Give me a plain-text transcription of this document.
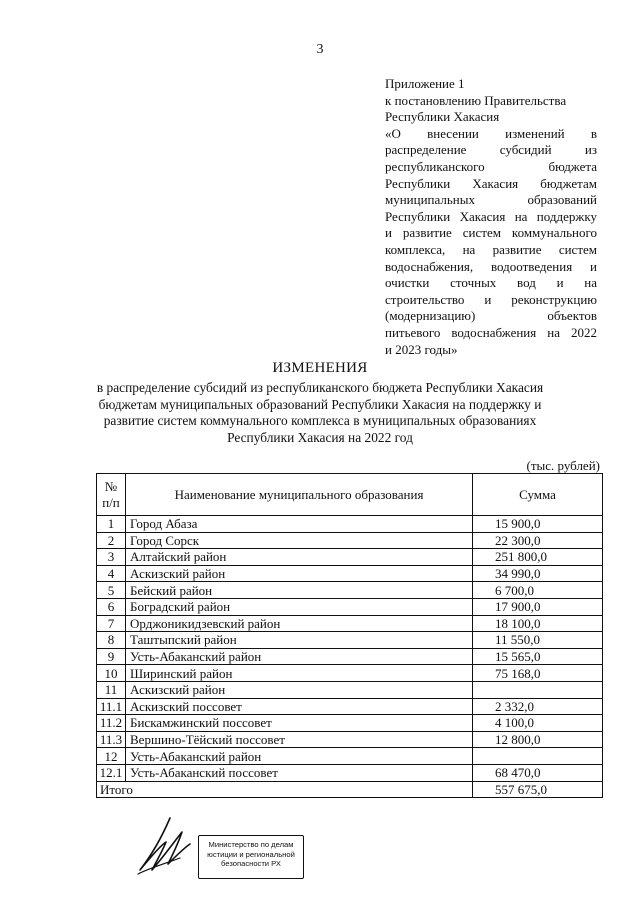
3
Приложение 1
к постановлению Правительства
Республики Хакасия
«О внесении изменений в
распределение субсидий из
республиканского бюджета
Республики Хакасия бюджетам
муниципальных образований
Республики Хакасия на поддержку
и развитие систем коммунального
комплекса, на развитие систем
водоснабжения, водоотведения и
очистки сточных вод и на
строительство и реконструкцию
(модернизацию) объектов
питьевого водоснабжения на 2022
и 2023 годы»
ИЗМЕНЕНИЯ
в распределение субсидий из республиканского бюджета Республики Хакасия
бюджетам муниципальных образований Республики Хакасия на поддержку и
развитие систем коммунального комплекса в муниципальных образованиях
Республики Хакасия на 2022 год
(тыс. рублей)
№ п/п	Наименование муниципального образования	Сумма
1	Город Абаза	15 900,0
2	Город Сорск	22 300,0
3	Алтайский район	251 800,0
4	Аскизский район	34 990,0
5	Бейский район	6 700,0
6	Боградский район	17 900,0
7	Орджоникидзевский район	18 100,0
8	Таштыпский район	11 550,0
9	Усть-Абаканский район	15 565,0
10	Ширинский район	75 168,0
11	Аскизский район	
11.1	Аскизский поссовет	2 332,0
11.2	Бискамжинский поссовет	4 100,0
11.3	Вершино-Тёйский поссовет	12 800,0
12	Усть-Абаканский район	
12.1	Усть-Абаканский поссовет	68 470,0
Итого		557 675,0
Министерство по делам
юстиции и региональной
безопасности РХ
